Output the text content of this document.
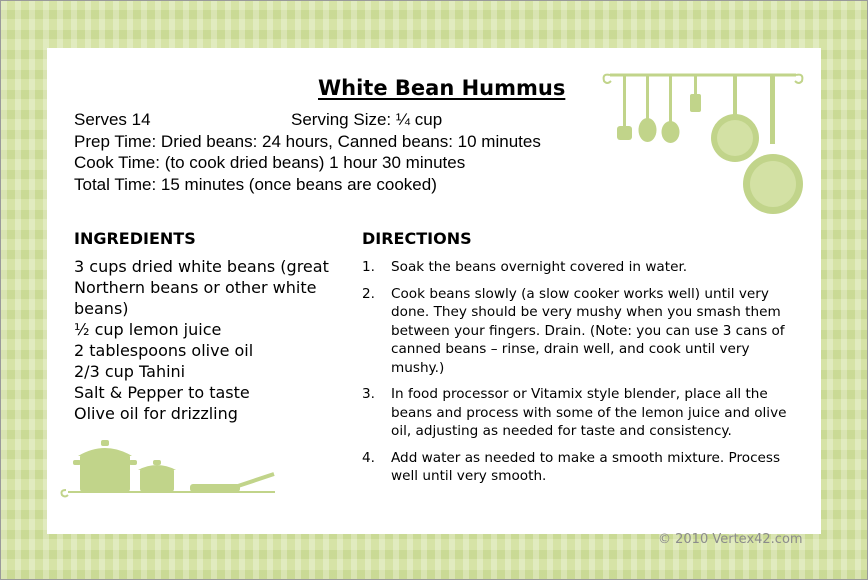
White Bean Hummus
Serves 14	Serving Size: ¼ cup
Prep Time: Dried beans: 24 hours, Canned beans: 10 minutes
Cook Time: (to cook dried beans) 1 hour 30 minutes
Total Time: 15 minutes (once beans are cooked)
INGREDIENTS
3 cups dried white beans (great Northern beans or other white beans)
½ cup lemon juice
2 tablespoons olive oil
2/3 cup Tahini
Salt & Pepper to taste
Olive oil for drizzling
DIRECTIONS
1. Soak the beans overnight covered in water.
2. Cook beans slowly (a slow cooker works well) until very done. They should be very mushy when you smash them between your fingers. Drain. (Note: you can use 3 cans of canned beans – rinse, drain well, and cook until very mushy.)
3. In food processor or Vitamix style blender, place all the beans and process with some of the lemon juice and olive oil, adjusting as needed for taste and consistency.
4. Add water as needed to make a smooth mixture. Process well until very smooth.
© 2010 Vertex42.com
